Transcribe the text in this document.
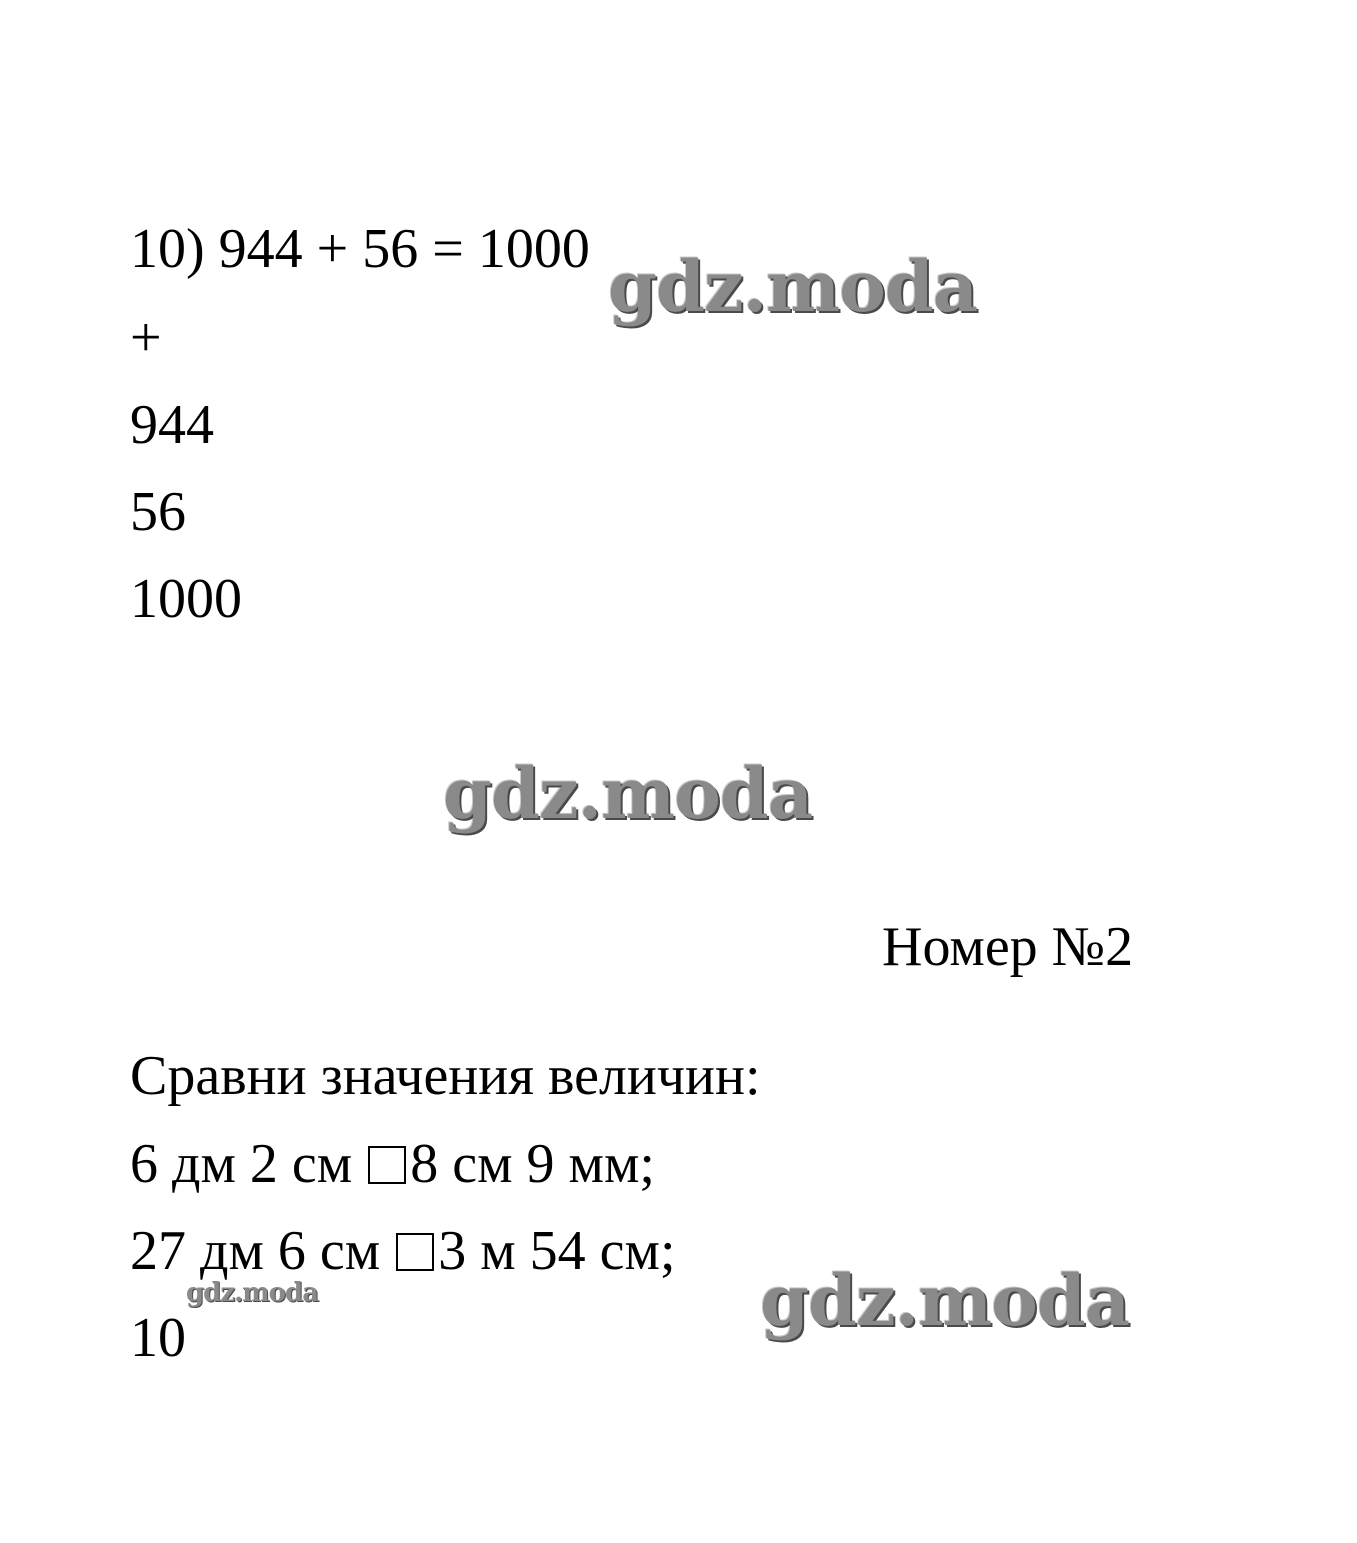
10) 944 + 56 = 1000
+
944
56
1000
Номер №2
Сравни значения величин:
6 дм 2 см 8 см 9 мм;
27 дм 6 см 3 м 54 см;
10
gdz.moda
gdz.moda
gdz.moda
gdz.moda
